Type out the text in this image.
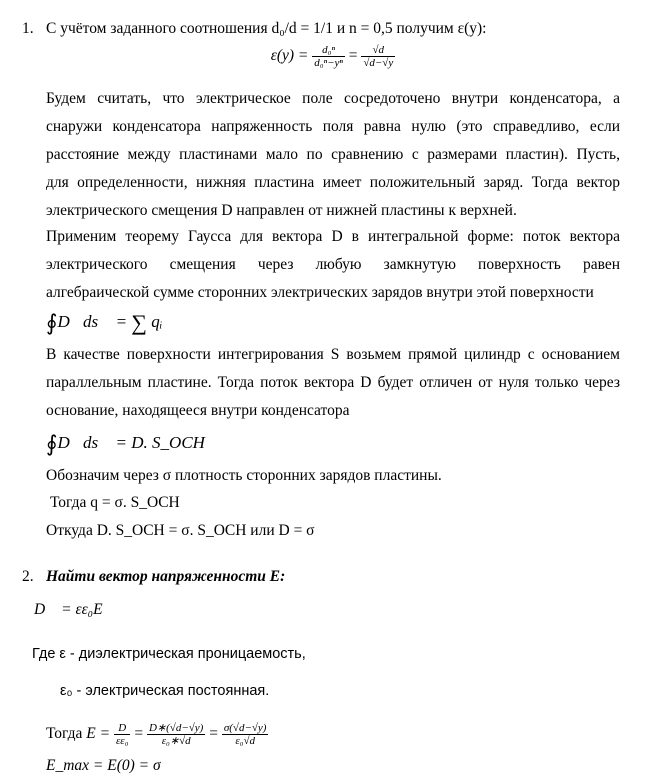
1. С учётом заданного соотношения d₀/d = 1/1 и n = 0,5 получим ε(y):
$\varepsilon(y) = \frac{\text{d₀ⁿ}}{\text{d₀ⁿ−yⁿ}} = \frac{√d}{√d-√y}$
Будем считать, что электрическое поле сосредоточено внутри конденсатора, а
снаружи конденсатора напряженность поля равна нулю (это справедливо, если
расстояние между пластинами мало по сравнению с размерами пластин). Пусть,
для определенности, нижняя пластина имеет положительный заряд. Тогда вектор
электрического смещения D направлен от нижней пластины к верхней.
Применим теорему Гаусса для вектора D в интегральной форме: поток вектора
электрического смещения через любую замкнутую поверхность равен
алгебраической сумме сторонних электрических зарядов внутри этой поверхности
∮D⃗ds⃗ = ∑ qᵢ
В качестве поверхности интегрирования S возьмем прямой цилиндр с основанием
параллельным пластине. Тогда поток вектора D будет отличен от нуля только через
основание, находящееся внутри конденсатора
∮D⃗ds⃗ = D. S_OCH
Обозначим через σ плотность сторонних зарядов пластины.
Тогда q = σ. S_OCH
Откуда D. S_OCH = σ. S_OCH или D = σ
2. Найти вектор напряженности E:
D⃗ = εε₀E⃗
Где ε - диэлектрическая проницаемость,
ε₀ - электрическая постоянная.
Тогда $E = \frac{D}{\text{εε₀}} = \frac{D∗(√d-√y)}{\text{ε₀∗√d}} = \frac{\sigma(√d-√y)}{\text{ε₀√d}}$
E_max = E(0) = σ
